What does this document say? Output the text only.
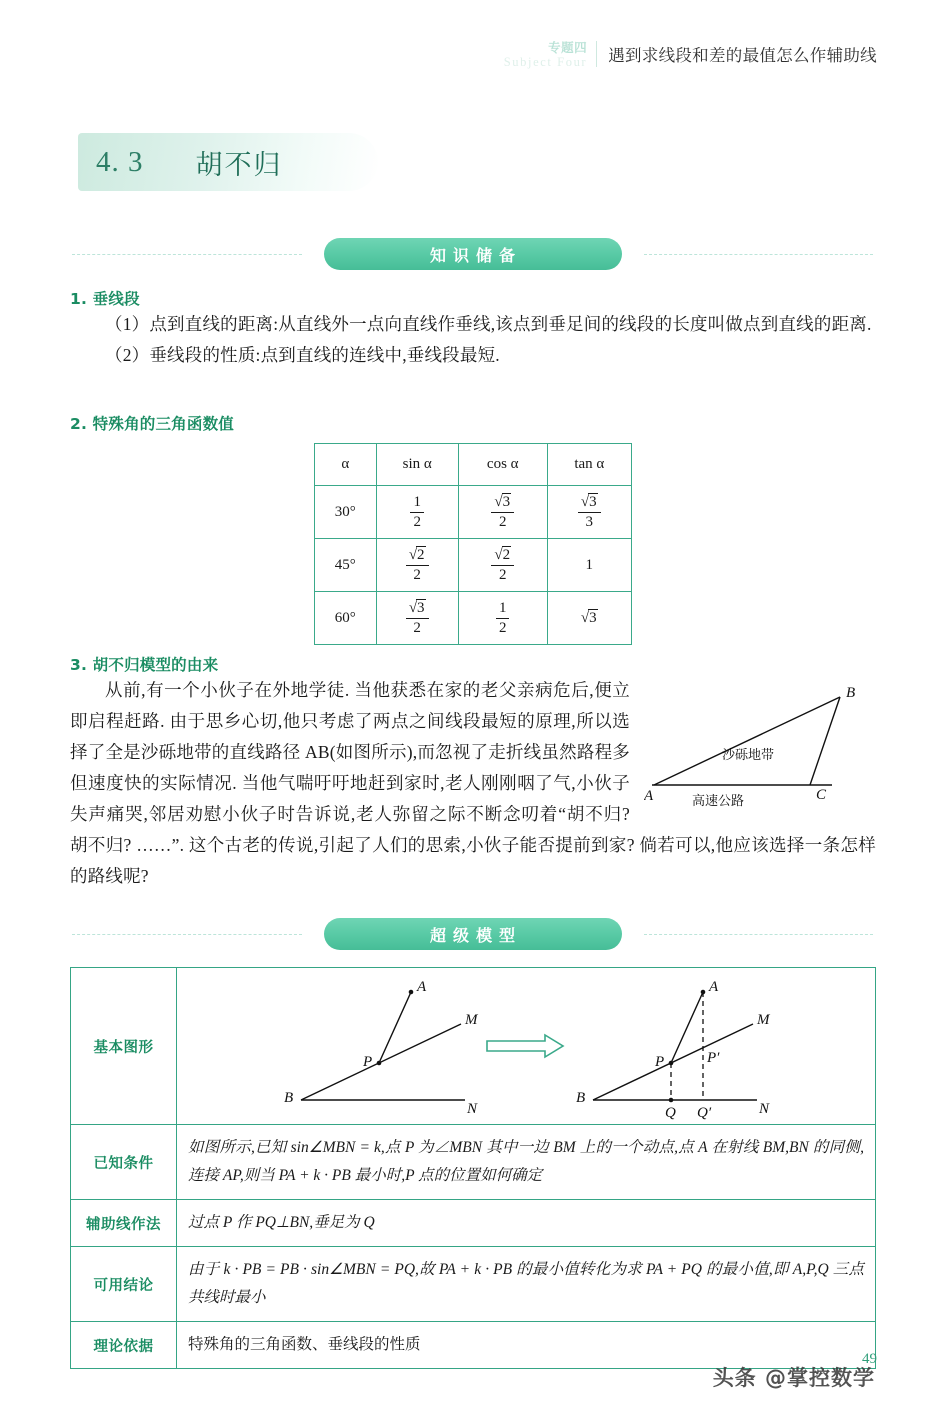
专题四
Subject Four 遇到求线段和差的最值怎么作辅助线
4. 3 胡不归
知识储备
1. 垂线段
（1）点到直线的距离:从直线外一点向直线作垂线,该点到垂足间的线段的长度叫做点到直线的距离.
（2）垂线段的性质:点到直线的连线中,垂线段最短.
2. 特殊角的三角函数值
α	sin α	cos α	tan α
30°	$\frac{1}{2}$	$\frac{√3}{2}$	$\frac{√3}{3}$

45°	$\frac{√2}{2}$	$\frac{√2}{2}$	1
60°	$\frac{√3}{2}$	$\frac{1}{2}$	√3
3. 胡不归模型的由来
A
B
C
沙砾地带
高速公路
从前,有一个小伙子在外地学徒. 当他获悉在家的老父亲病危后,便立即启程赶路. 由于思乡心切,他只考虑了两点之间线段最短的原理,所以选择了全是沙砾地带的直线路径 AB(如图所示),而忽视了走折线虽然路程多但速度快的实际情况. 当他气喘吁吁地赶到家时,老人刚刚咽了气,小伙子失声痛哭,邻居劝慰小伙子时告诉说,老人弥留之际不断念叨着“胡不归? 胡不归? ……”. 这个古老的传说,引起了人们的思索,小伙子能否提前到家? 倘若可以,他应该选择一条怎样的路线呢?
超级模型
基本图形	
A
M
N
B
P
A
M
N
B
P	P′
Q Q′

已知条件	如图所示,已知 sin∠MBN = k,点 P 为∠MBN 其中一边 BM 上的一个动点,点 A 在射线 BM,BN 的同侧,连接 AP,则当 PA + k · PB 最小时,P 点的位置如何确定
辅助线作法	过点 P 作 PQ⊥BN,垂足为 Q
可用结论	由于 k · PB = PB · sin∠MBN = PQ,故 PA + k · PB 的最小值转化为求 PA + PQ 的最小值,即 A,P,Q 三点共线时最小
理论依据	特殊角的三角函数、垂线段的性质
49
头条 @掌控数学
